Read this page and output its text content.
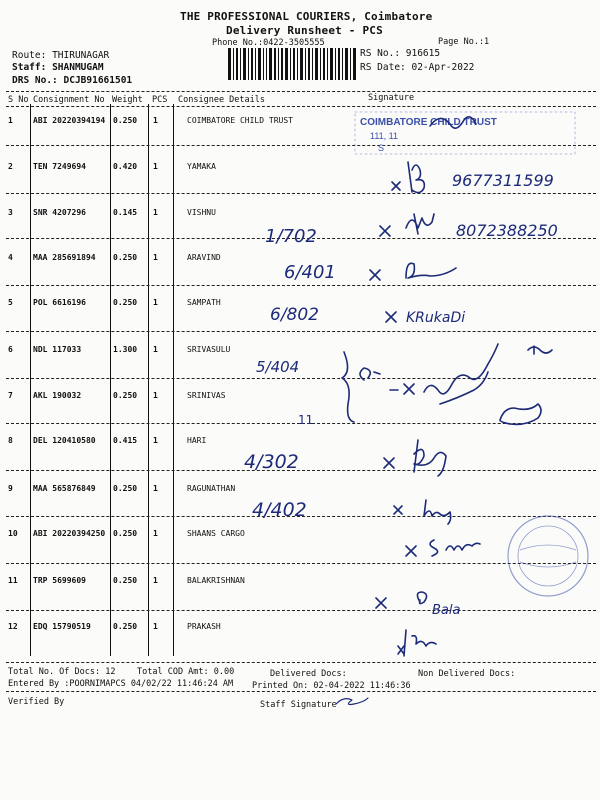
THE PROFESSIONAL COURIERS, Coimbatore
Delivery Runsheet - PCS
Phone No.:0422-3505555	Page No.:1
Route: THIRUNAGAR
Staff: SHANMUGAM
DRS No.: DCJB91661501
RS No.: 916615
RS Date: 02-Apr-2022
S No Consignment No Weight PCS Consignee Details	Signature
1	ABI 20220394194 0.250 1	COIMBATORE CHILD TRUST
2	TEN 7249694	0.420 1	YAMAKA
3	SNR 4207296	0.145 1	VISHNU
4	MAA 285691894 0.250 1	ARAVIND
5	POL 6616196	0.250 1	SAMPATH
6	NDL 117033	1.300 1	SRIVASULU
7	AKL 190032	0.250 1	SRINIVAS
8	DEL 120410580 0.415 1	HARI
9	MAA 565876849 0.250 1	RAGUNATHAN
10 ABI 20220394250 0.250 1	SHAANS CARGO
11 TRP 5699609	0.250 1	BALAKRISHNAN
12 EDQ 15790519	0.250 1	PRAKASH
Total No. Of Docs: 12	Total COD Amt: 0.00	Delivered Docs:	Non Delivered Docs:
Entered By :POORNIMAPCS 04/02/22 11:46:24 AM Printed On: 02-04-2022 11:46:36
Verified By	Staff Signature
COIMBATORE CHILD TRUST
111, 11
S
9677311599
1/702	8072388250
6/401
6/802	KRukaDi
5/404
11
4/302
4/402
Sami
Bala
